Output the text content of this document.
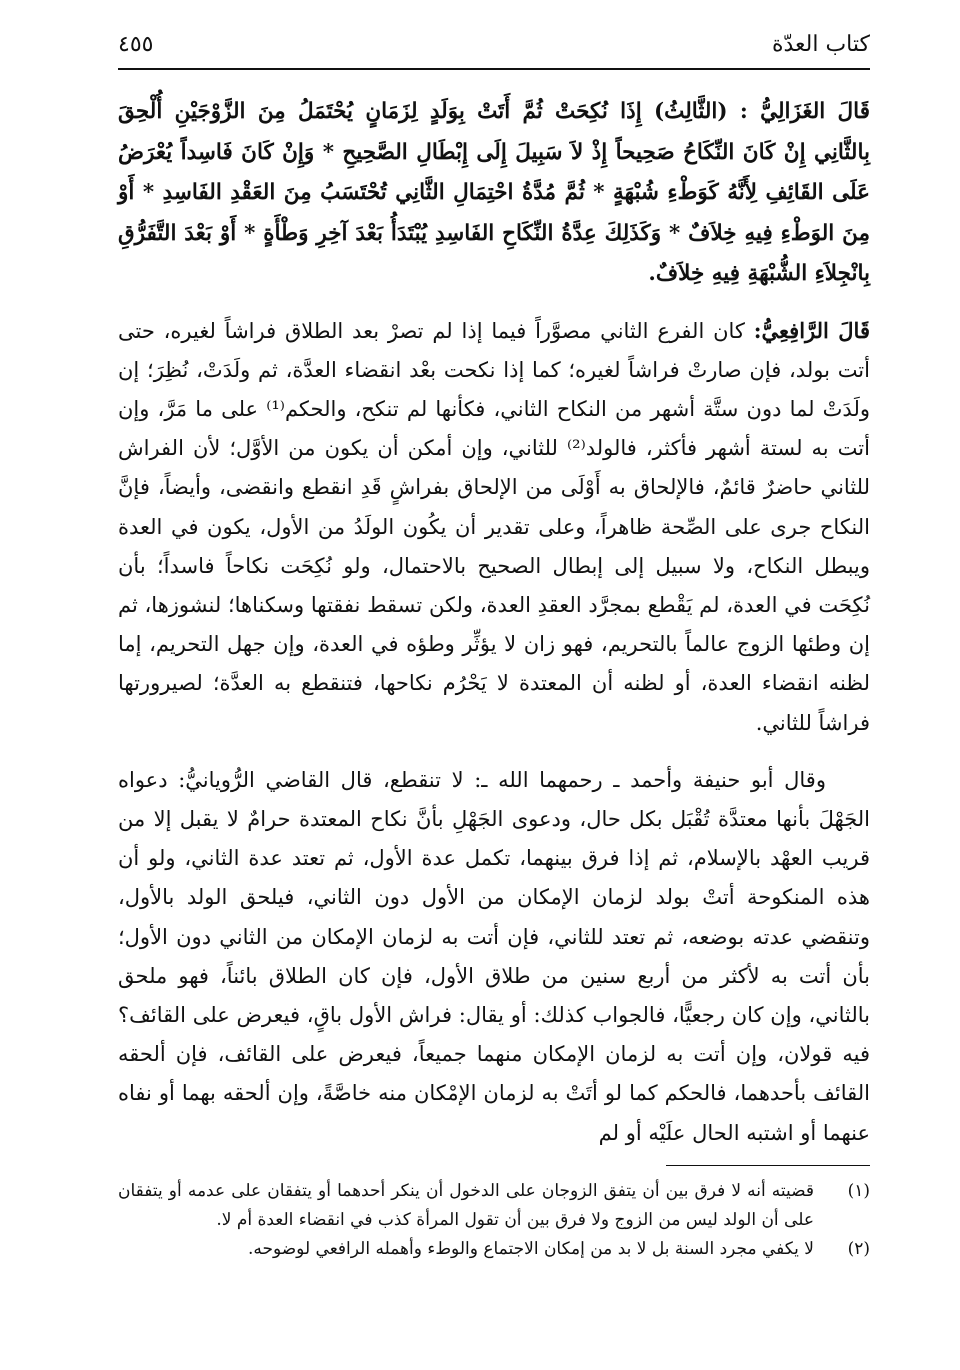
كتاب العدّة
٤٥٥

قَالَ الغَزَالِيُّ : (الثَّالِثُ) إِذَا نُكِحَتْ ثُمَّ أَتَتْ بِوَلَدٍ لِزَمَانٍ يُحْتَمَلُ مِنَ الزَّوْجَيْنِ أُلْحِقَ بِالثَّانِي إِنْ كَانَ النِّكَاحُ صَحِيحاً إِذْ لاَ سَبِيلَ إِلَى إِبْطَالِ الصَّحِيحِ * وَإِنْ كَانَ فَاسِداً يُعْرَضُ عَلَى القَائِفِ لِأَنَّهُ كَوَطْءِ شُبْهَةٍ * ثُمَّ مُدَّةُ احْتِمَالِ الثَّانِي تُحْتَسَبُ مِنَ العَقْدِ الفَاسِدِ * أَوْ مِنَ الوَطْءِ فِيهِ خِلاَفٌ * وَكَذَلِكَ عِدَّةُ النِّكَاحِ الفَاسِدِ يُبْتَدَأُ بَعْدَ آخِرِ وَطْأَةٍ * أَوْ بَعْدَ التَّفَرُّقِ بِانْجِلاَءِ الشُّبْهَةِ فِيهِ خِلاَفٌ.

قَالَ الرَّافِعِيُّ: كان الفرع الثاني مصوَّراً فيما إذا لم تصرْ بعد الطلاق فراشاً لغيره، حتى أتت بولد، فإن صارتْ فراشاً لغيره؛ كما إذا نكحت بعْد انقضاء العدَّة، ثم ولَدَتْ، نُظِرَ؛ إن ولَدَتْ لما دون ستَّة أشهر من النكاح الثاني، فكأنها لم تنكح، والحكم⁽¹⁾ على ما مَرَّ، وإن أتت به لستة أشهر فأكثر، فالولد⁽²⁾ للثاني، وإن أمكن أن يكون من الأوَّل؛ لأن الفراش للثاني حاضرٌ قائمٌ، فالإلحاق به أَوْلَى من الإلحاق بفراشٍ قَدِ انقطع وانقضى، وأيضاً، فإنَّ النكاح جرى على الصِّحة ظاهراً، وعلى تقدير أن يكُون الولَدُ من الأول، يكون في العدة ويبطل النكاح، ولا سبيل إلى إبطال الصحيح بالاحتمال، ولو نُكِحَت نكاحاً فاسداً؛ بأن نُكِحَت في العدة، لم يَقْطع بمجرَّد العقدِ العدة، ولكن تسقط نفقتها وسكناها؛ لنشوزها، ثم إن وطئها الزوج عالماً بالتحريم، فهو زان لا يؤثِّر وطؤه في العدة، وإن جهل التحريم، إما لظنه انقضاء العدة، أو لظنه أن المعتدة لا يَحْرُم نكاحها، فتنقطع به العدَّة؛ لصيرورتها فراشاً للثاني.

وقال أبو حنيفة وأحمد ـ رحمهما الله ـ: لا تنقطع، قال القاضي الرُّويانيُّ: دعواه الجَهْلَ بأنها معتدَّة تُقْبَل بكل حال، ودعوى الجَهْلِ بأنَّ نكاح المعتدة حرامٌ لا يقبل إلا من قريب العهْد بالإسلام، ثم إذا فرق بينهما، تكمل عدة الأول، ثم تعتد عدة الثاني، ولو أن هذه المنكوحة أتتْ بولد لزمان الإمكان من الأول دون الثاني، فيلحق الولد بالأول، وتنقضي عدته بوضعه، ثم تعتد للثاني، فإن أتت به لزمان الإمكان من الثاني دون الأول؛ بأن أتت به لأكثر من أربع سنين من طلاق الأول، فإن كان الطلاق بائناً، فهو ملحق بالثاني، وإن كان رجعيًّا، فالجواب كذلك: أو يقال: فراش الأول باقٍ، فيعرض على القائف؟ فيه قولان، وإن أتت به لزمان الإمكان منهما جميعاً، فيعرض على القائف، فإن ألحقه القائف بأحدهما، فالحكم كما لو أتَتْ به لزمان الإمْكان منه خاصَّةً، وإن ألحقه بهما أو نفاه عنهما أو اشتبه الحال علَيْه أو لم

(١)
قضيته أنه لا فرق بين أن يتفق الزوجان على الدخول أن ينكر أحدهما أو يتفقان على عدمه أو يتفقان على أن الولد ليس من الزوج ولا فرق بين أن تقول المرأة كذب في انقضاء العدة أم لا.
(٢)
لا يكفي مجرد السنة بل لا بد من إمكان الاجتماع والوطء وأهمله الرافعي لوضوحه.
